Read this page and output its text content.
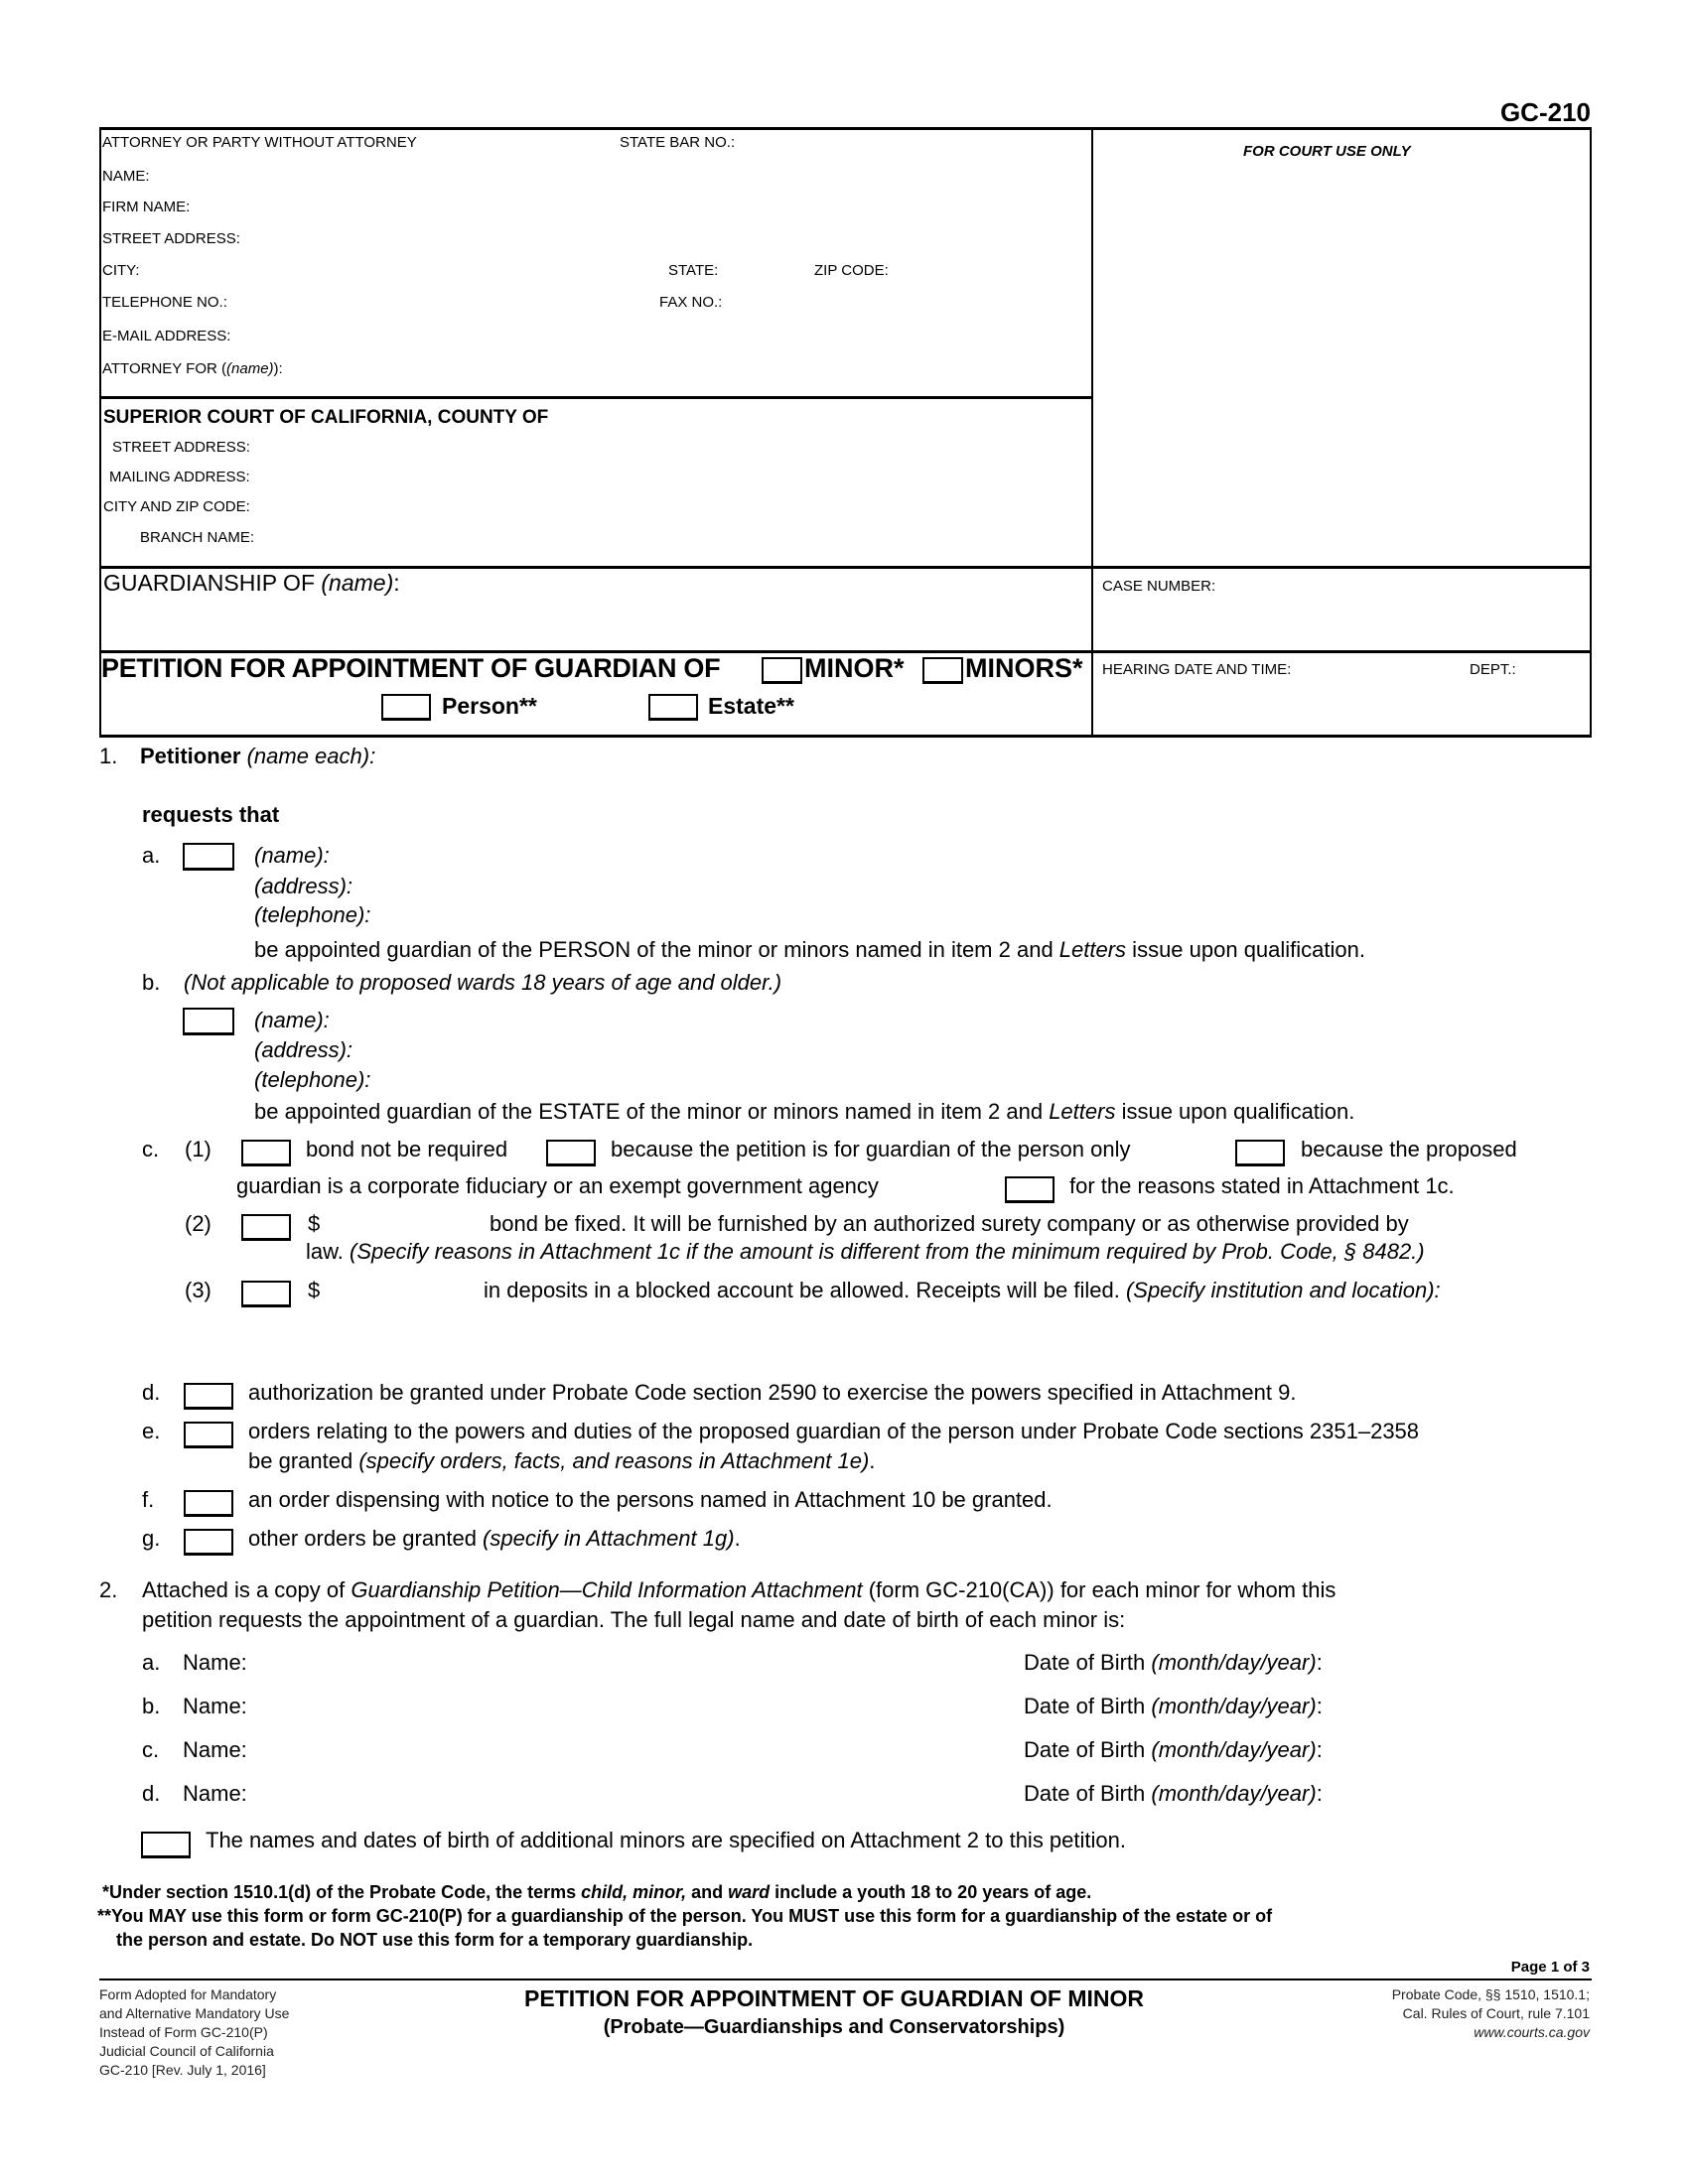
GC-210
ATTORNEY OR PARTY WITHOUT ATTORNEY	STATE BAR NO.:
NAME:
FIRM NAME:
STREET ADDRESS:
CITY:	STATE:	ZIP CODE:
TELEPHONE NO.:	FAX NO.:
E-MAIL ADDRESS:
ATTORNEY FOR ((name)):
FOR COURT USE ONLY
SUPERIOR COURT OF CALIFORNIA, COUNTY OF
STREET ADDRESS:
MAILING ADDRESS:
CITY AND ZIP CODE:
BRANCH NAME:
GUARDIANSHIP OF (name):	CASE NUMBER:
PETITION FOR APPOINTMENT OF GUARDIAN OF	MINOR* MINORS*
Person**	Estate**
HEARING DATE AND TIME:	DEPT.:
1. Petitioner (name each):
requests that
a.	(name):
(address):
(telephone):
be appointed guardian of the PERSON of the minor or minors named in item 2 and Letters issue upon qualification.
b. (Not applicable to proposed wards 18 years of age and older.)
(name):
(address):
(telephone):
be appointed guardian of the ESTATE of the minor or minors named in item 2 and Letters issue upon qualification.
c. (1)	bond not be required	because the petition is for guardian of the person only	because the proposed
guardian is a corporate fiduciary or an exempt government agency	for the reasons stated in Attachment 1c.
(2)	$	bond be fixed. It will be furnished by an authorized surety company or as otherwise provided by
law. (Specify reasons in Attachment 1c if the amount is different from the minimum required by Prob. Code, § 8482.)
(3)	$	in deposits in a blocked account be allowed. Receipts will be filed. (Specify institution and location):
d.	authorization be granted under Probate Code section 2590 to exercise the powers specified in Attachment 9.
e.	orders relating to the powers and duties of the proposed guardian of the person under Probate Code sections 2351–2358
be granted (specify orders, facts, and reasons in Attachment 1e).
f.	an order dispensing with notice to the persons named in Attachment 10 be granted.
g.	other orders be granted (specify in Attachment 1g).
2. Attached is a copy of Guardianship Petition—Child Information Attachment (form GC-210(CA)) for each minor for whom this
petition requests the appointment of a guardian. The full legal name and date of birth of each minor is:
a. Name:	Date of Birth (month/day/year):
b. Name:	Date of Birth (month/day/year):
c. Name:	Date of Birth (month/day/year):
d. Name:	Date of Birth (month/day/year):
The names and dates of birth of additional minors are specified on Attachment 2 to this petition.
*Under section 1510.1(d) of the Probate Code, the terms child, minor, and ward include a youth 18 to 20 years of age.
**You MAY use this form or form GC-210(P) for a guardianship of the person. You MUST use this form for a guardianship of the estate or of
the person and estate. Do NOT use this form for a temporary guardianship.
Page 1 of 3
Form Adopted for Mandatory
and Alternative Mandatory Use
Instead of Form GC-210(P)
Judicial Council of California
GC-210 [Rev. July 1, 2016]
PETITION FOR APPOINTMENT OF GUARDIAN OF MINOR
(Probate—Guardianships and Conservatorships)
Probate Code, §§ 1510, 1510.1;
Cal. Rules of Court, rule 7.101
www.courts.ca.gov
